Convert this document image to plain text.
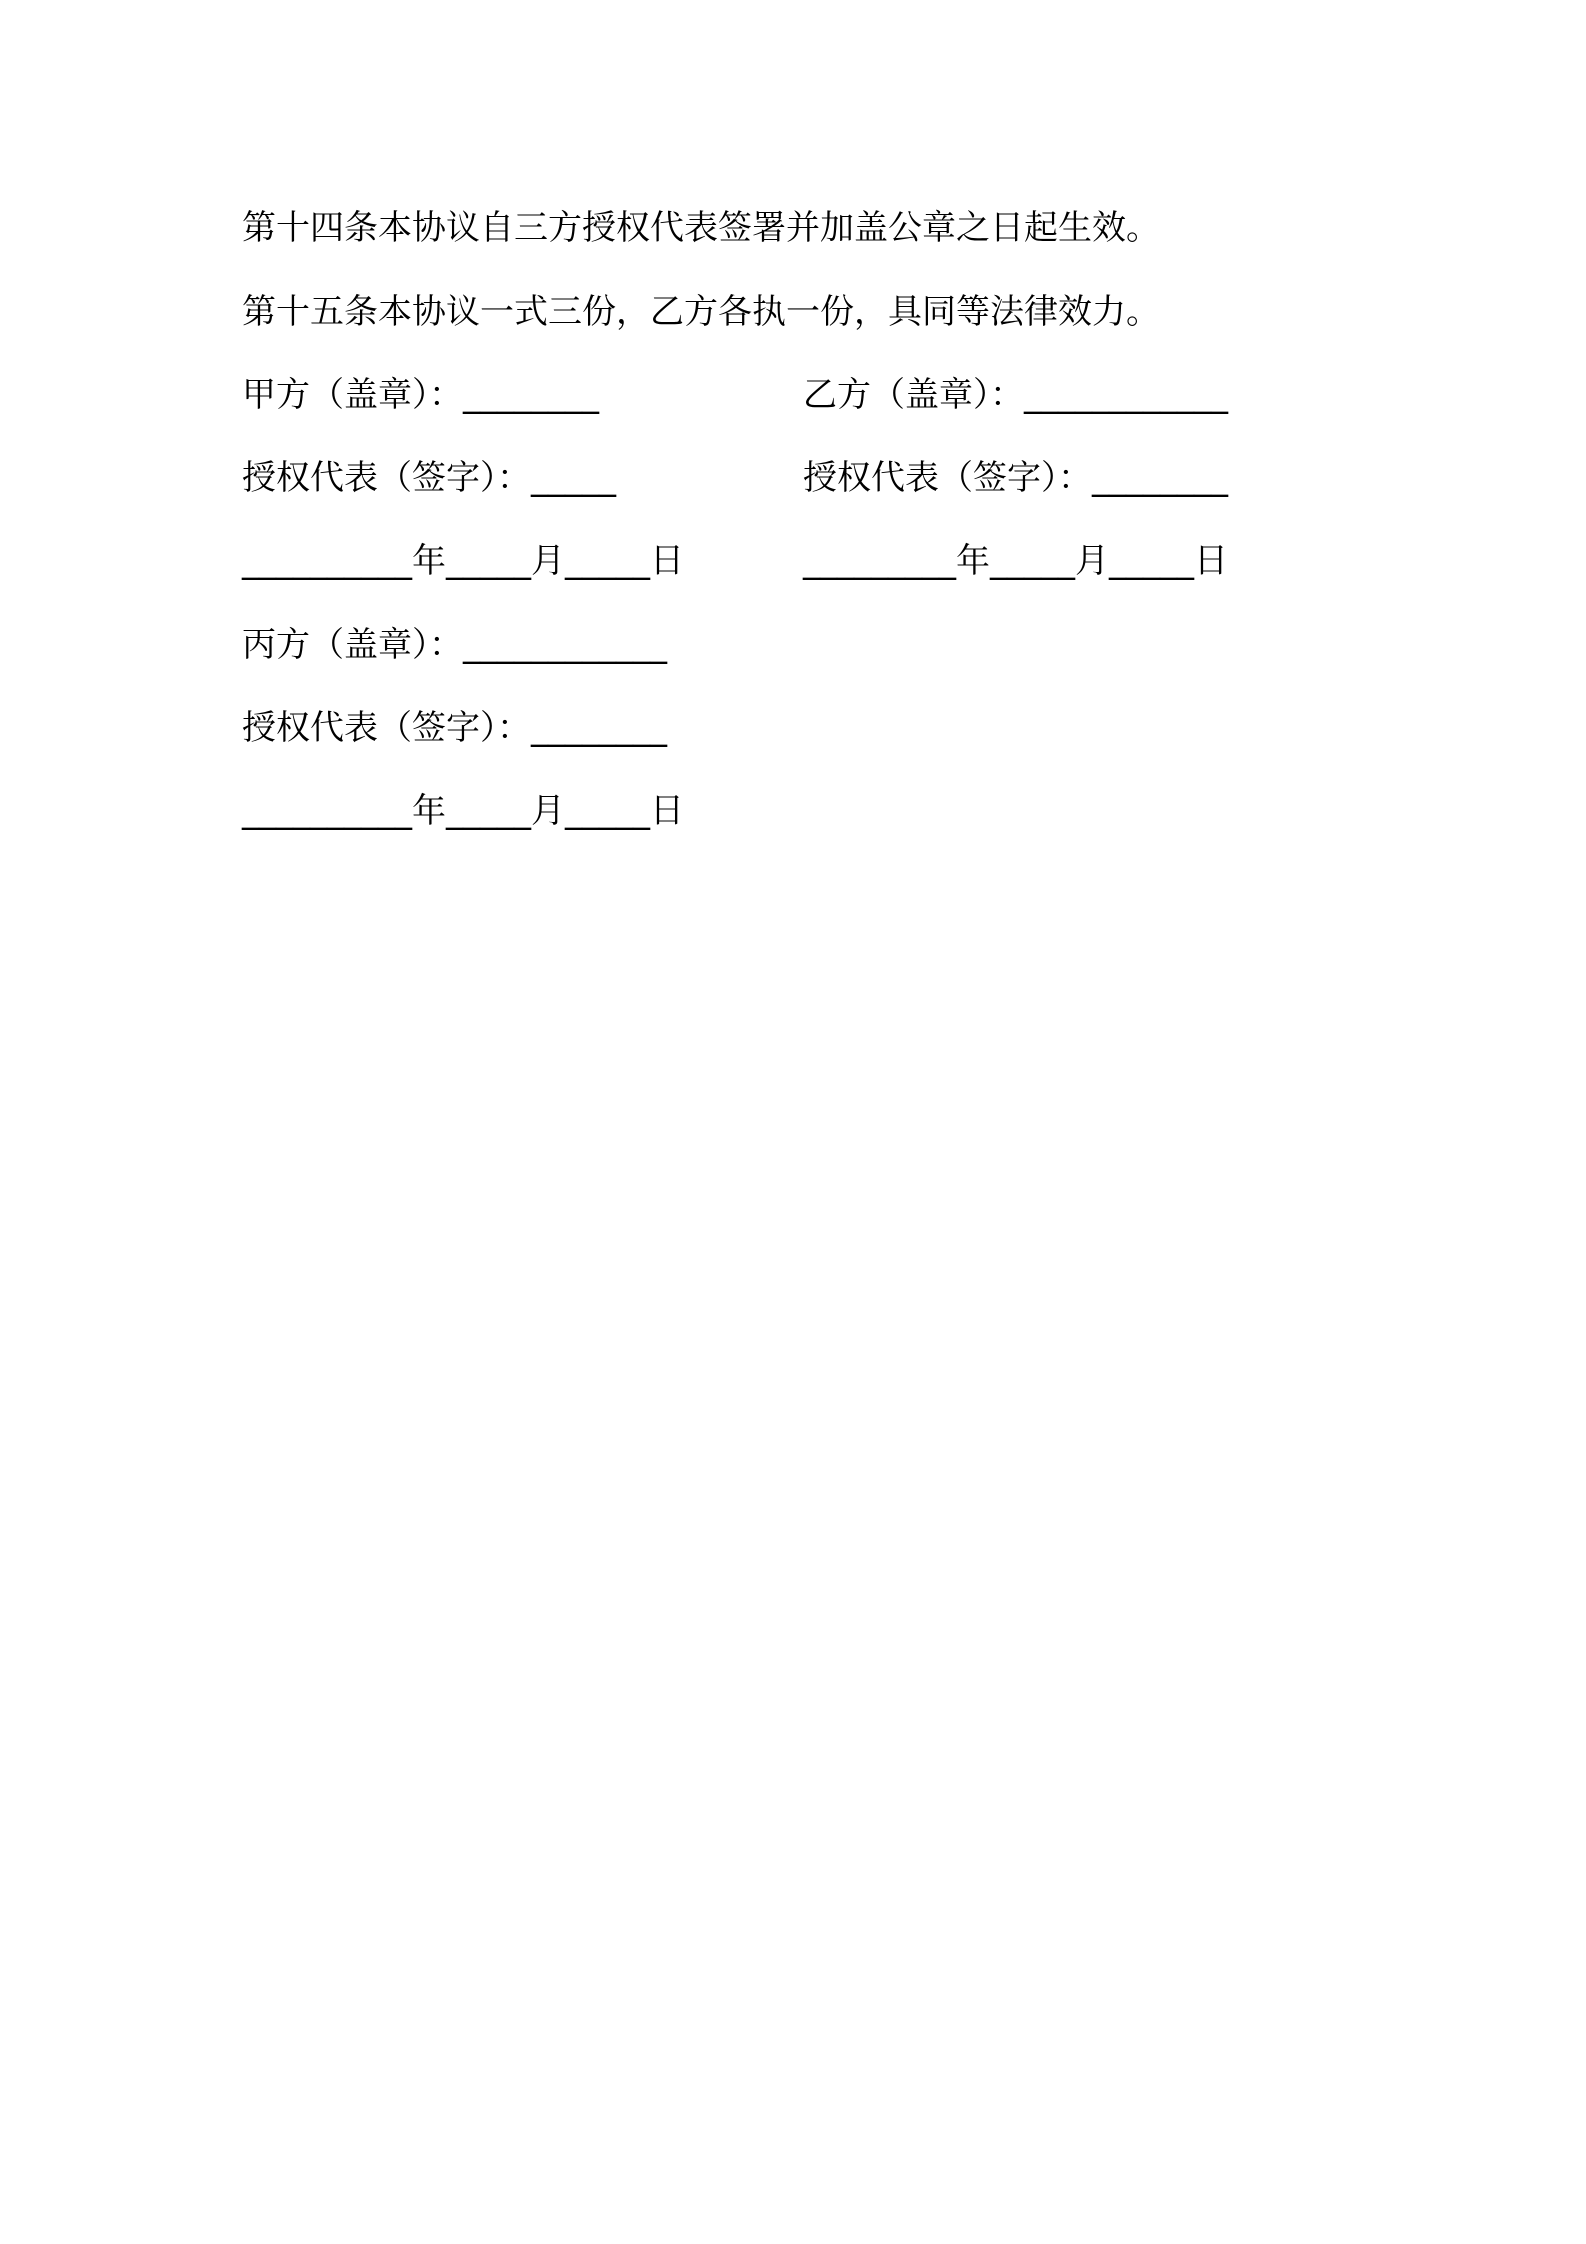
第十四条本协议自三方授权代表签署并加盖公章之日起生效。
第十五条本协议一式三份，乙方各执一份，具同等法律效力。
甲方（盖章）：________	乙方（盖章）：____________
授权代表（签字）：_____	授权代表（签字）：________
__________年_____月_____日	_________年_____月_____日
丙方（盖章）：____________
授权代表（签字）：________
__________年_____月_____日
